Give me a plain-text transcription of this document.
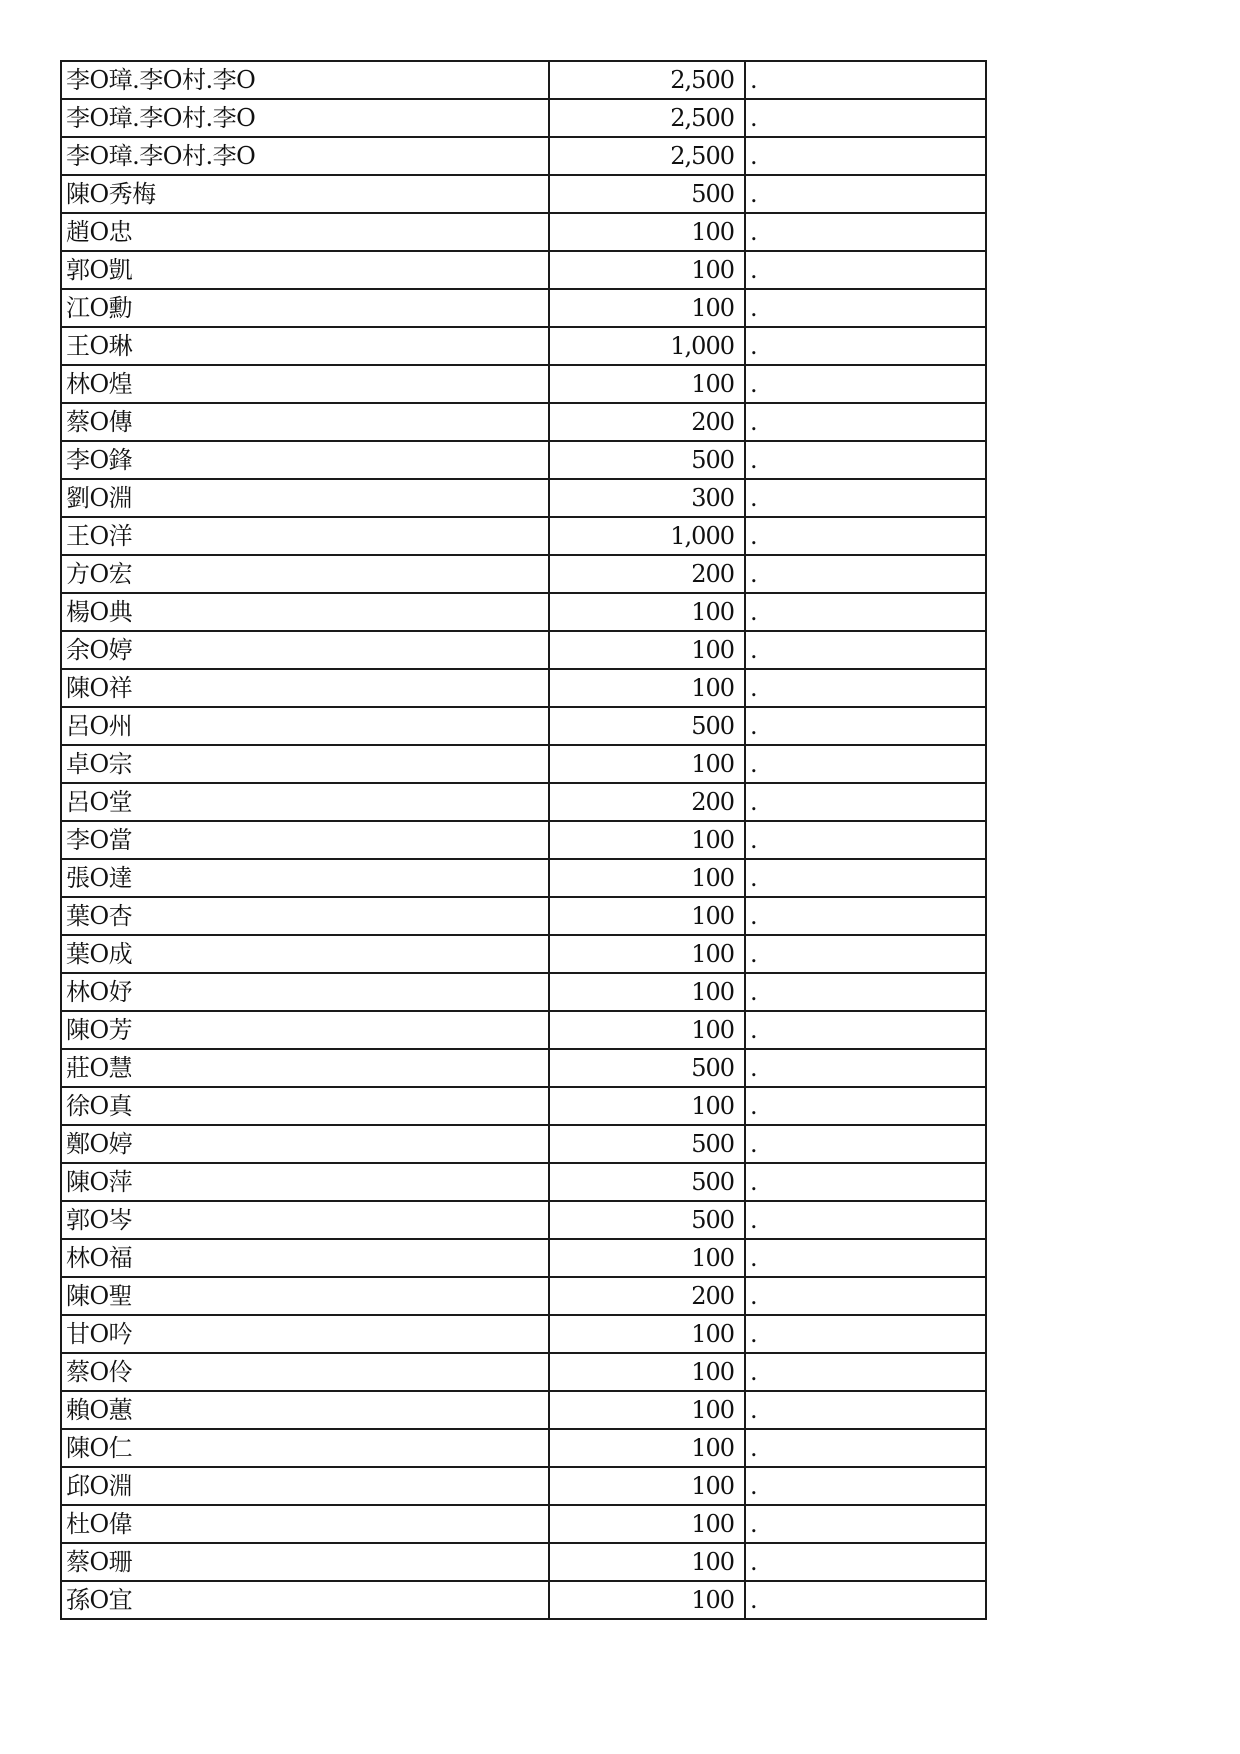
李O璋.李O村.李O	2,500	.
李O璋.李O村.李O	2,500	.
李O璋.李O村.李O	2,500	.
陳O秀梅	500	.
趙O忠	100	.
郭O凱	100	.
江O勳	100	.
王O琳	1,000	.
林O煌	100	.
蔡O傳	200	.
李O鋒	500	.
劉O淵	300	.
王O洋	1,000	.
方O宏	200	.
楊O典	100	.
余O婷	100	.
陳O祥	100	.
呂O州	500	.
卓O宗	100	.
呂O堂	200	.
李O當	100	.
張O達	100	.
葉O杏	100	.
葉O成	100	.
林O妤	100	.
陳O芳	100	.
莊O慧	500	.
徐O真	100	.
鄭O婷	500	.
陳O萍	500	.
郭O岑	500	.
林O福	100	.
陳O聖	200	.
甘O吟	100	.
蔡O伶	100	.
賴O蕙	100	.
陳O仁	100	.
邱O淵	100	.
杜O偉	100	.
蔡O珊	100	.
孫O宜	100	.
